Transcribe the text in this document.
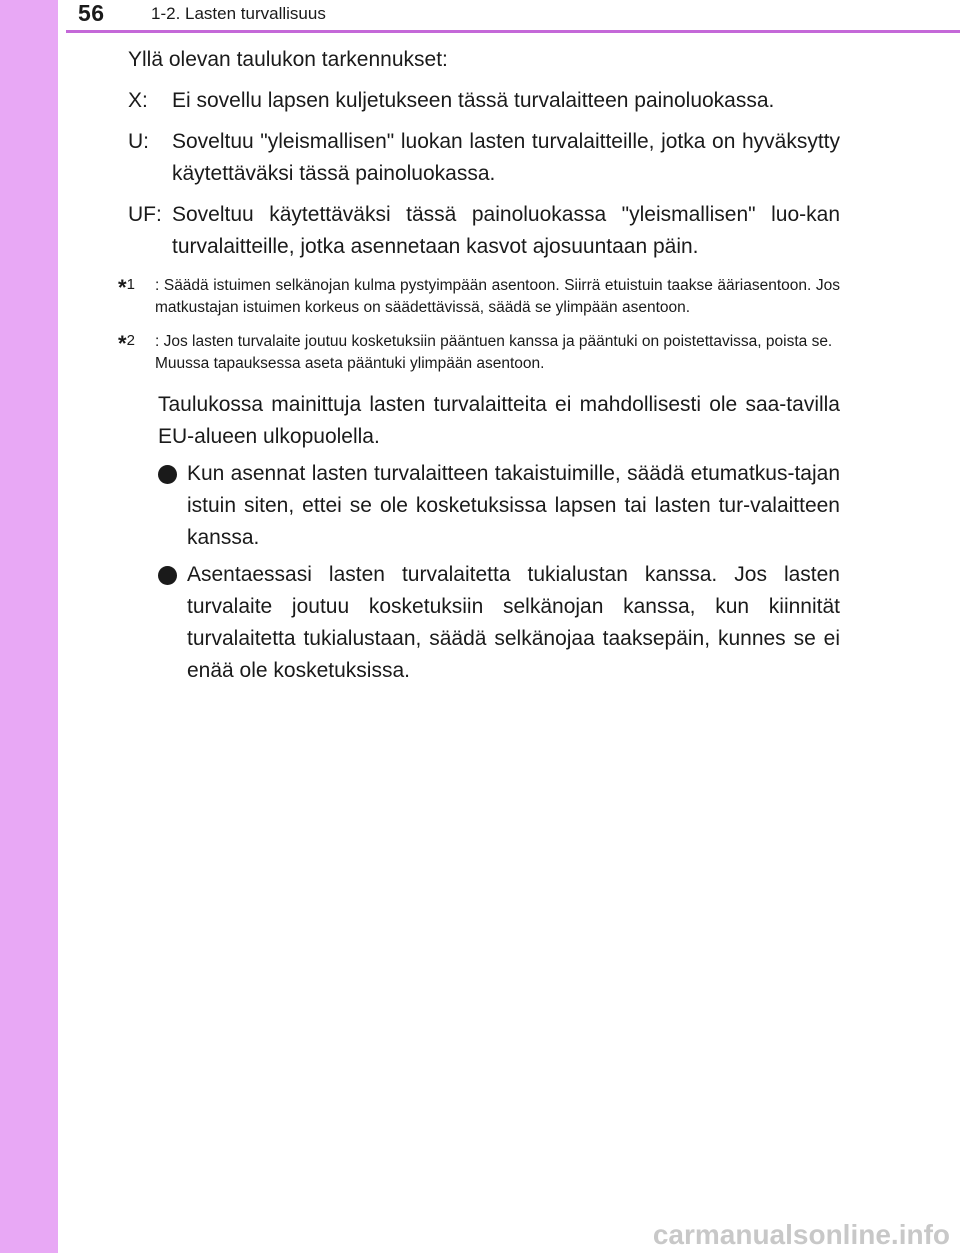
56	1-2. Lasten turvallisuus
Yllä olevan taulukon tarkennukset:
X:	Ei sovellu lapsen kuljetukseen tässä turvalaitteen painoluokassa.
U:	Soveltuu "yleismallisen" luokan lasten turvalaitteille, jotka on hyväksytty käytettäväksi tässä painoluokassa.
UF: Soveltuu käytettäväksi tässä painoluokassa "yleismallisen" luo-kan turvalaitteille, jotka asennetaan kasvot ajosuuntaan päin.
*$^1$	: Säädä istuimen selkänojan kulma pystyimpään asentoon. Siirrä etuistuin taakse ääriasentoon. Jos matkustajan istuimen korkeus on säädettävissä, säädä se ylimpään asentoon.
*$^2$	: Jos lasten turvalaite joutuu kosketuksiin pääntuen kanssa ja pääntuki on poistettavissa, poista se.
Muussa tapauksessa aseta pääntuki ylimpään asentoon.
Taulukossa mainittuja lasten turvalaitteita ei mahdollisesti ole saa-tavilla EU-alueen ulkopuolella.
Kun asennat lasten turvalaitteen takaistuimille, säädä etumatkus-tajan istuin siten, ettei se ole kosketuksissa lapsen tai lasten tur-valaitteen kanssa.
Asentaessasi lasten turvalaitetta tukialustan kanssa. Jos lasten turvalaite joutuu kosketuksiin selkänojan kanssa, kun kiinnität turvalaitetta tukialustaan, säädä selkänojaa taaksepäin, kunnes se ei enää ole kosketuksissa.
carmanualsonline.info
